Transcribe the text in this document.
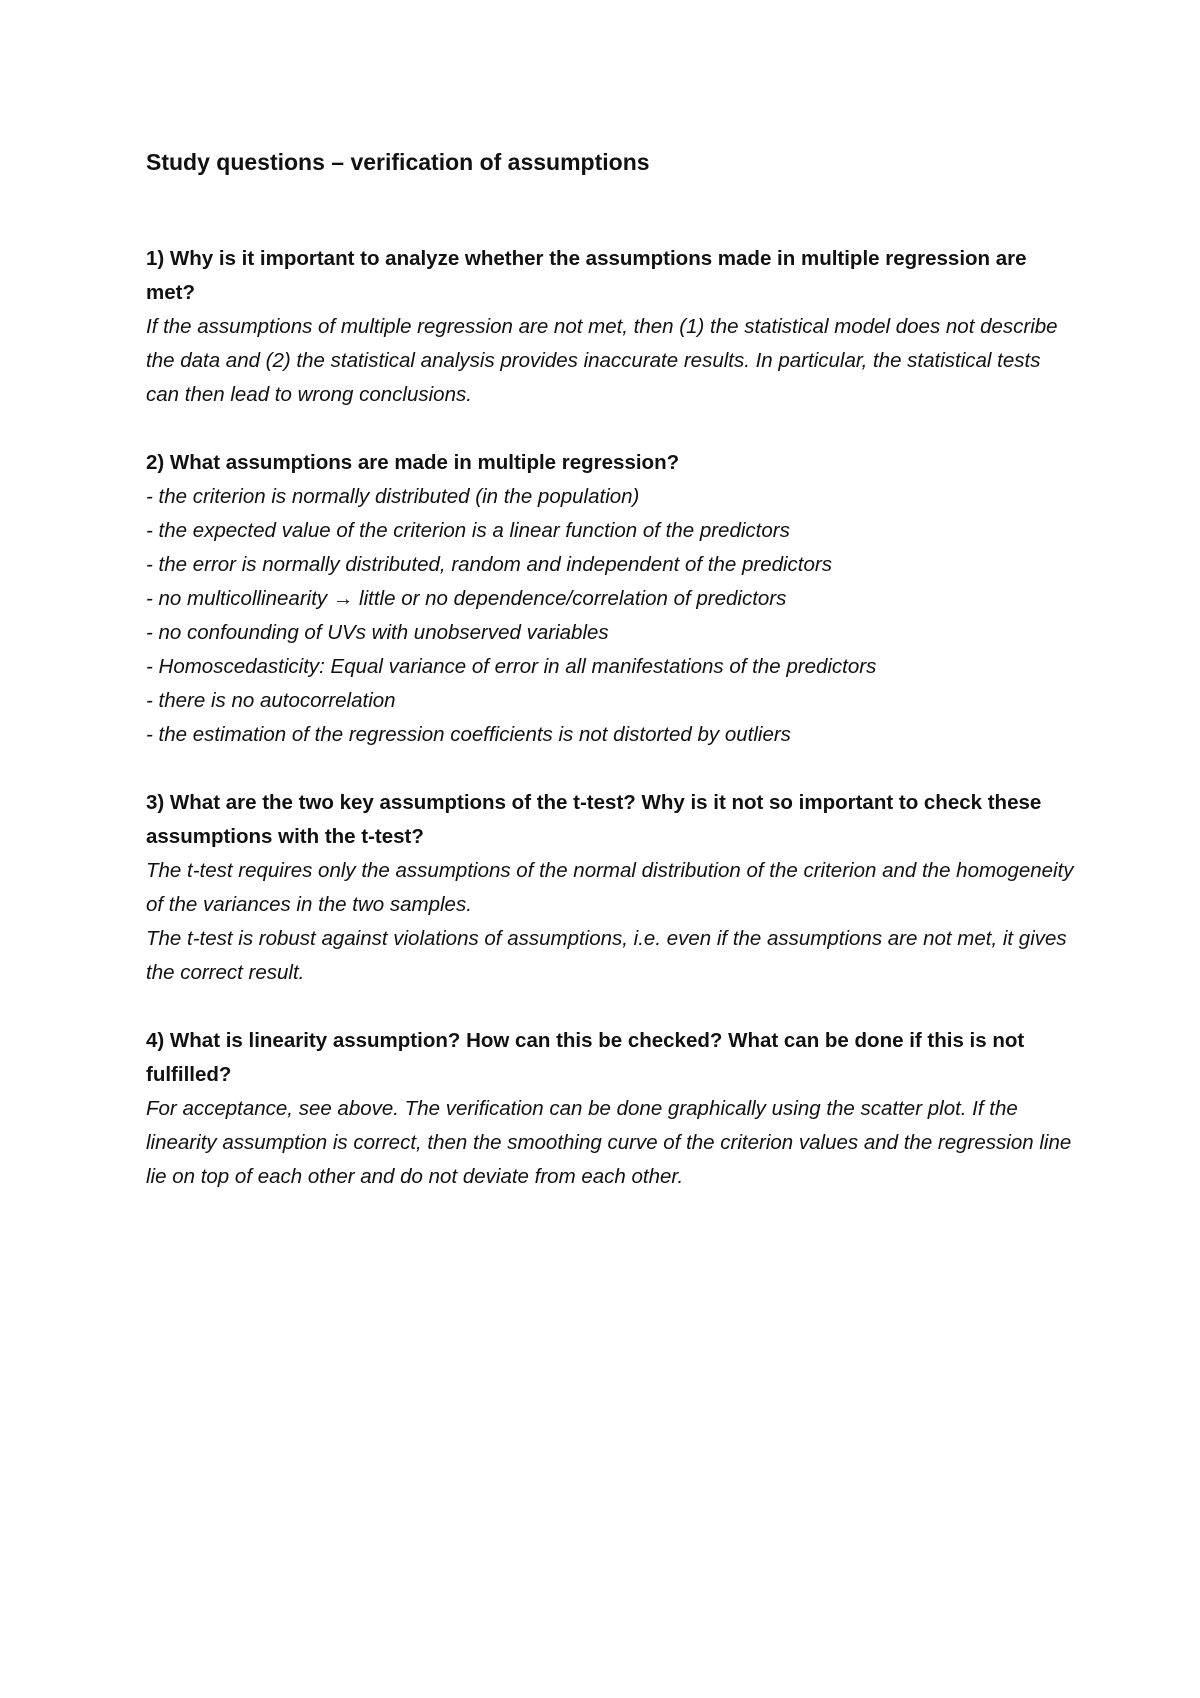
Study questions – verification of assumptions

1) Why is it important to analyze whether the assumptions made in multiple regression are met?

If the assumptions of multiple regression are not met, then (1) the statistical model does not describe the data and (2) the statistical analysis provides inaccurate results. In particular, the statistical tests can then lead to wrong conclusions.

2) What assumptions are made in multiple regression?

- the criterion is normally distributed (in the population)
- the expected value of the criterion is a linear function of the predictors
- the error is normally distributed, random and independent of the predictors
- no multicollinearity → little or no dependence/correlation of predictors
- no confounding of UVs with unobserved variables
- Homoscedasticity: Equal variance of error in all manifestations of the predictors
- there is no autocorrelation
- the estimation of the regression coefficients is not distorted by outliers

3) What are the two key assumptions of the t-test? Why is it not so important to check these assumptions with the t-test?

The t-test requires only the assumptions of the normal distribution of the criterion and the homogeneity of the variances in the two samples.

The t-test is robust against violations of assumptions, i.e. even if the assumptions are not met, it gives the correct result.

4) What is linearity assumption? How can this be checked? What can be done if this is not fulfilled?

For acceptance, see above. The verification can be done graphically using the scatter plot. If the linearity assumption is correct, then the smoothing curve of the criterion values and the regression line lie on top of each other and do not deviate from each other.
